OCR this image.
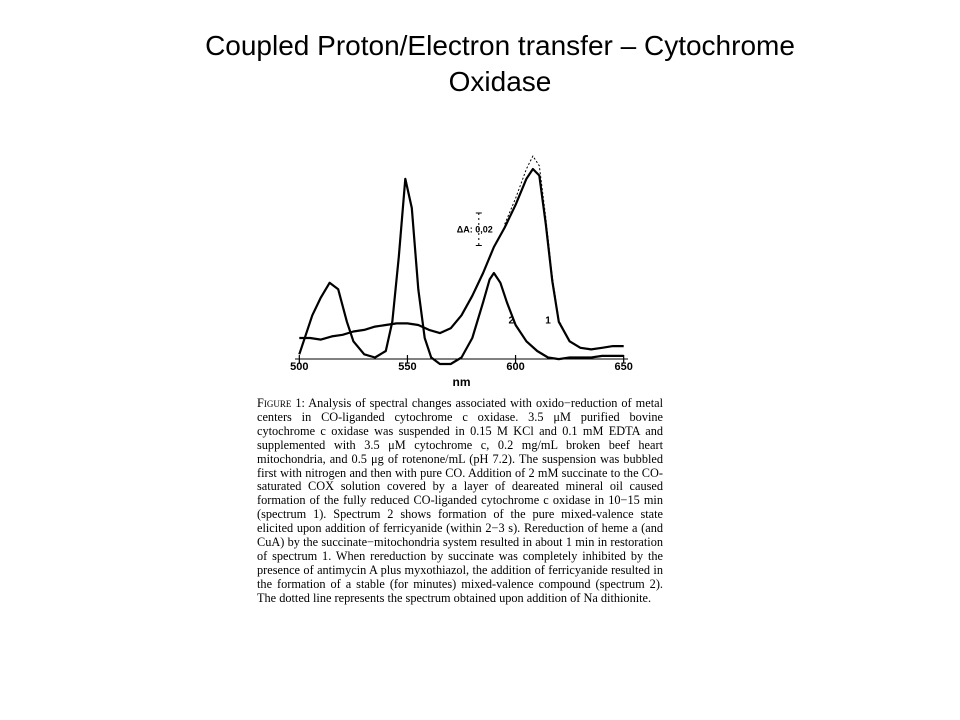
Coupled Proton/Electron transfer – Cytochrome
Oxidase
500	550	600	650
nm
2	1
ΔA: 0,02

Figure 1: Analysis of spectral changes associated with oxido−reduction of metal centers in CO-liganded cytochrome c oxidase. 3.5 μM purified bovine cytochrome c oxidase was suspended in 0.15 M KCl and 0.1 mM EDTA and supplemented with 3.5 μM cytochrome c, 0.2 mg/mL broken beef heart mitochondria, and 0.5 μg of rotenone/mL (pH 7.2). The suspension was bubbled first with nitrogen and then with pure CO. Addition of 2 mM succinate to the CO-saturated COX solution covered by a layer of deareated mineral oil caused formation of the fully reduced CO-liganded cytochrome c oxidase in 10−15 min (spectrum 1). Spectrum 2 shows formation of the pure mixed-valence state elicited upon addition of ferricyanide (within 2−3 s). Rereduction of heme a (and CuA) by the succinate−mitochondria system resulted in about 1 min in restoration of spectrum 1. When rereduction by succinate was completely inhibited by the presence of antimycin A plus myxothiazol, the addition of ferricyanide resulted in the formation of a stable (for minutes) mixed-valence compound (spectrum 2). The dotted line represents the spectrum obtained upon addition of Na dithionite.
